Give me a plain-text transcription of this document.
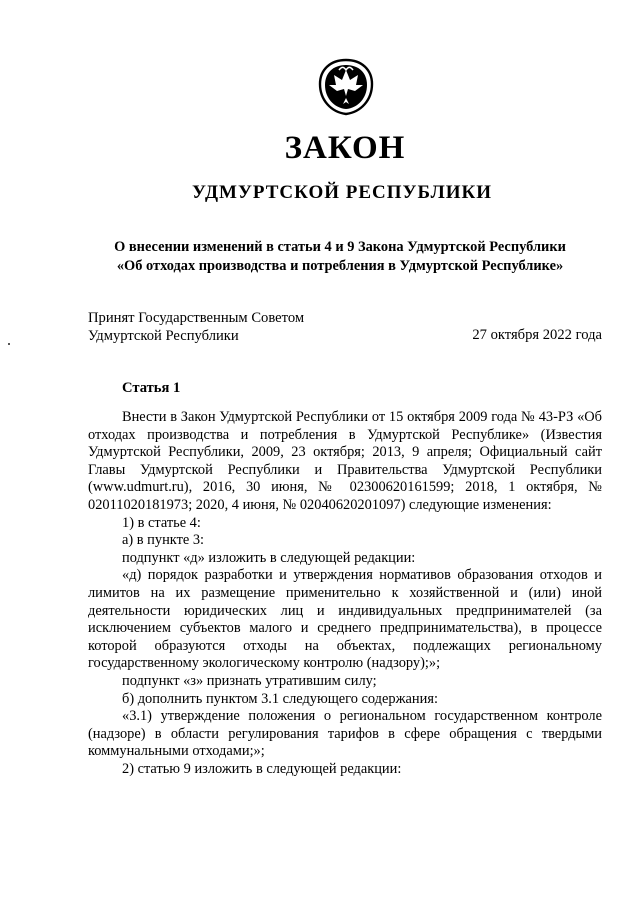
ЗАКОН
УДМУРТСКОЙ РЕСПУБЛИКИ
О внесении изменений в статьи 4 и 9 Закона Удмуртской Республики
«Об отходах производства и потребления в Удмуртской Республике»
Принят Государственным Советом
Удмуртской Республики	27 октября 2022 года
Статья 1

Внести в Закон Удмуртской Республики от 15 октября 2009 года № 43-РЗ «Об отходах производства и потребления в Удмуртской Республике» (Известия Удмуртской Республики, 2009, 23 октября; 2013, 9 апреля; Официальный сайт Главы Удмуртской Республики и Правительства Удмуртской Республики (www.udmurt.ru), 2016, 30 июня, № 02300620161599; 2018, 1 октября, № 02011020181973; 2020, 4 июня, № 02040620201097) следующие изменения:

1) в статье 4:

а) в пункте 3:

подпункт «д» изложить в следующей редакции:

«д) порядок разработки и утверждения нормативов образования отходов и лимитов на их размещение применительно к хозяйственной и (или) иной деятельности юридических лиц и индивидуальных предпринимателей (за исключением субъектов малого и среднего предпринимательства), в процессе которой образуются отходы на объектах, подлежащих региональному государственному экологическому контролю (надзору);»;

подпункт «з» признать утратившим силу;

б) дополнить пунктом 3.1 следующего содержания:

«3.1) утверждение положения о региональном государственном контроле (надзоре) в области регулирования тарифов в сфере обращения с твердыми коммунальными отходами;»;

2) статью 9 изложить в следующей редакции:
